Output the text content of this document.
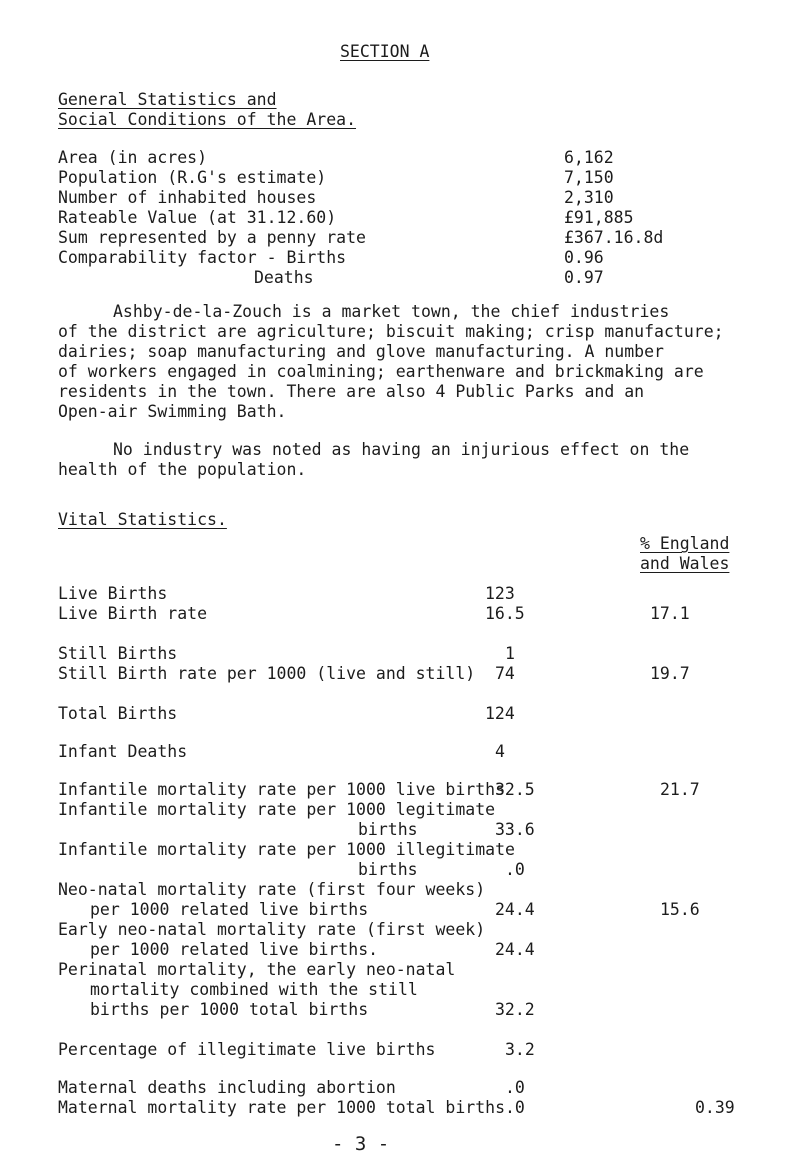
SECTION A
General Statistics and
Social Conditions of the Area.
Area (in acres)	6,162
Population (R.G's estimate)	7,150
Number of inhabited houses	2,310
Rateable Value (at 31.12.60)	£91,885
Sum represented by a penny rate	£367.16.8d
Comparability factor - Births	0.96
Deaths	0.97
Ashby-de-la-Zouch is a market town, the chief industries
of the district are agriculture; biscuit making; crisp manufacture;
dairies; soap manufacturing and glove manufacturing. A number
of workers engaged in coalmining; earthenware and brickmaking are
residents in the town. There are also 4 Public Parks and an
Open-air Swimming Bath.
No industry was noted as having an injurious effect on the
health of the population.
Vital Statistics.
% England
and Wales
Live Births	123
Live Birth rate	16.5	17.1
Still Births	1
Still Birth rate per 1000 (live and still) 74	19.7
Total Births	124
Infant Deaths	4
Infantile mortality rate per 1000 live births
32.5	21.7
Infantile mortality rate per 1000 legitimate
births	33.6
Infantile mortality rate per 1000 illegitimate
births	.0
Neo-natal mortality rate (first four weeks)
per 1000 related live births	24.4	15.6
Early neo-natal mortality rate (first week)
per 1000 related live births.	24.4
Perinatal mortality, the early neo-natal
mortality combined with the still
births per 1000 total births	32.2
Percentage of illegitimate live births	3.2
Maternal deaths including abortion	.0
Maternal mortality rate per 1000 total births .0	0.39
- 3 -
